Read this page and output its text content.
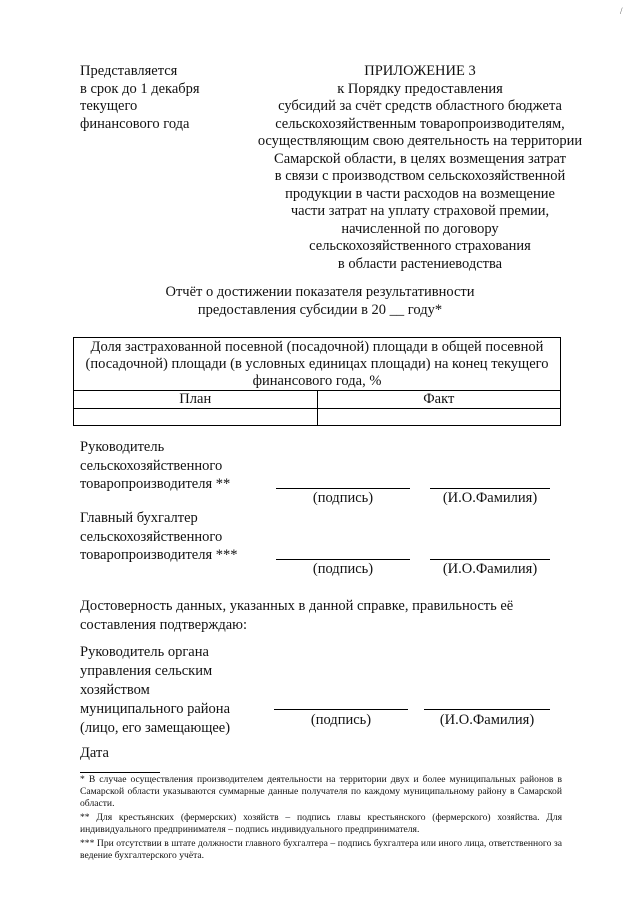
/
Представляется
в срок до 1 декабря
текущего
финансового года
ПРИЛОЖЕНИЕ 3
к Порядку предоставления
субсидий за счёт средств областного бюджета
сельскохозяйственным товаропроизводителям,
осуществляющим свою деятельность на территории
Самарской области, в целях возмещения затрат
в связи с производством сельскохозяйственной
продукции в части расходов на возмещение
части затрат на уплату страховой премии,
начисленной по договору
сельскохозяйственного страхования
в области растениеводства
Отчёт о достижении показателя результативности
предоставления субсидии в 20 __ году*
Доля застрахованной посевной (посадочной) площади в общей посевной (посадочной) площади (в условных единицах площади) на конец текущего финансового года, %	
План	Факт

Руководитель
сельскохозяйственного
товаропроизводителя **
(подпись)	(И.О.Фамилия)
Главный бухгалтер
сельскохозяйственного
товаропроизводителя ***
(подпись)	(И.О.Фамилия)
Достоверность данных, указанных в данной справке, правильность её
составления подтверждаю:
Руководитель органа
управления сельским
хозяйством
муниципального района
(лицо, его замещающее)	(подпись)	(И.О.Фамилия)
Дата
* В случае осуществления производителем деятельности на территории двух и более муниципальных районов в Самарской области указываются суммарные данные получателя по каждому муниципальному району в Самарской области.
** Для крестьянских (фермерских) хозяйств – подпись главы крестьянского (фермерского) хозяйства. Для индивидуального предпринимателя – подпись индивидуального предпринимателя.
*** При отсутствии в штате должности главного бухгалтера – подпись бухгалтера или иного лица, ответственного за ведение бухгалтерского учёта.
